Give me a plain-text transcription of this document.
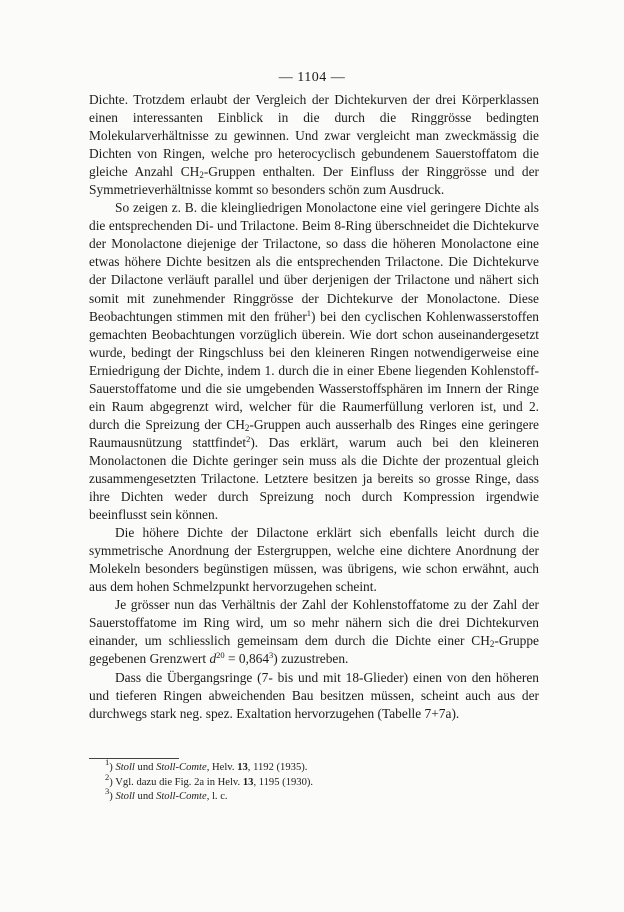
— 1104 —

Dichte. Trotzdem erlaubt der Vergleich der Dichtekurven der drei Körperklassen einen interessanten Einblick in die durch die Ringgrösse bedingten Molekularverhältnisse zu gewinnen. Und zwar vergleicht man zweckmässig die Dichten von Ringen, welche pro heterocyclisch gebundenem Sauerstoffatom die gleiche Anzahl $CH_2$-Gruppen enthalten. Der Einfluss der Ringgrösse und der Symmetrieverhältnisse kommt so besonders schön zum Ausdruck.

So zeigen z. B. die kleingliedrigen Monolactone eine viel geringere Dichte als die entsprechenden Di- und Trilactone. Beim 8-Ring überschneidet die Dichtekurve der Monolactone diejenige der Trilactone, so dass die höheren Monolactone eine etwas höhere Dichte besitzen als die entsprechenden Trilactone. Die Dichtekurve der Dilactone verläuft parallel und über derjenigen der Trilactone und nähert sich somit mit zunehmender Ringgrösse der Dichtekurve der Monolactone. Diese Beobachtungen stimmen mit den früher$^1$) bei den cyclischen Kohlenwasserstoffen gemachten Beobachtungen vorzüglich überein. Wie dort schon auseinandergesetzt wurde, bedingt der Ringschluss bei den kleineren Ringen notwendigerweise eine Erniedrigung der Dichte, indem 1. durch die in einer Ebene liegenden Kohlenstoff-Sauerstoffatome und die sie umgebenden Wasserstoffsphären im Innern der Ringe ein Raum abgegrenzt wird, welcher für die Raumerfüllung verloren ist, und 2. durch die Spreizung der $CH_2$-Gruppen auch ausserhalb des Ringes eine geringere Raumausnützung stattfindet$^2$). Das erklärt, warum auch bei den kleineren Monolactonen die Dichte geringer sein muss als die Dichte der prozentual gleich zusammengesetzten Trilactone. Letztere besitzen ja bereits so grosse Ringe, dass ihre Dichten weder durch Spreizung noch durch Kompression irgendwie beeinflusst sein können.

Die höhere Dichte der Dilactone erklärt sich ebenfalls leicht durch die symmetrische Anordnung der Estergruppen, welche eine dichtere Anordnung der Molekeln besonders begünstigen müssen, was übrigens, wie schon erwähnt, auch aus dem hohen Schmelzpunkt hervorzugehen scheint.

Je grösser nun das Verhältnis der Zahl der Kohlenstoffatome zu der Zahl der Sauerstoffatome im Ring wird, um so mehr nähern sich die drei Dichtekurven einander, um schliesslich gemeinsam dem durch die Dichte einer $CH_2$-Gruppe gegebenen Grenzwert $d^{20} = 0,864^3$) zuzustreben.

Dass die Übergangsringe (7- bis und mit 18-Glieder) einen von den höheren und tieferen Ringen abweichenden Bau besitzen müssen, scheint auch aus der durchwegs stark neg. spez. Exaltation hervorzugehen (Tabelle 7+7a).

$^1$) Stoll und Stoll-Comte, Helv. 13, 1192 (1935).
$^2$) Vgl. dazu die Fig. 2a in Helv. 13, 1195 (1930).
$^3$) Stoll und Stoll-Comte, l. c.
